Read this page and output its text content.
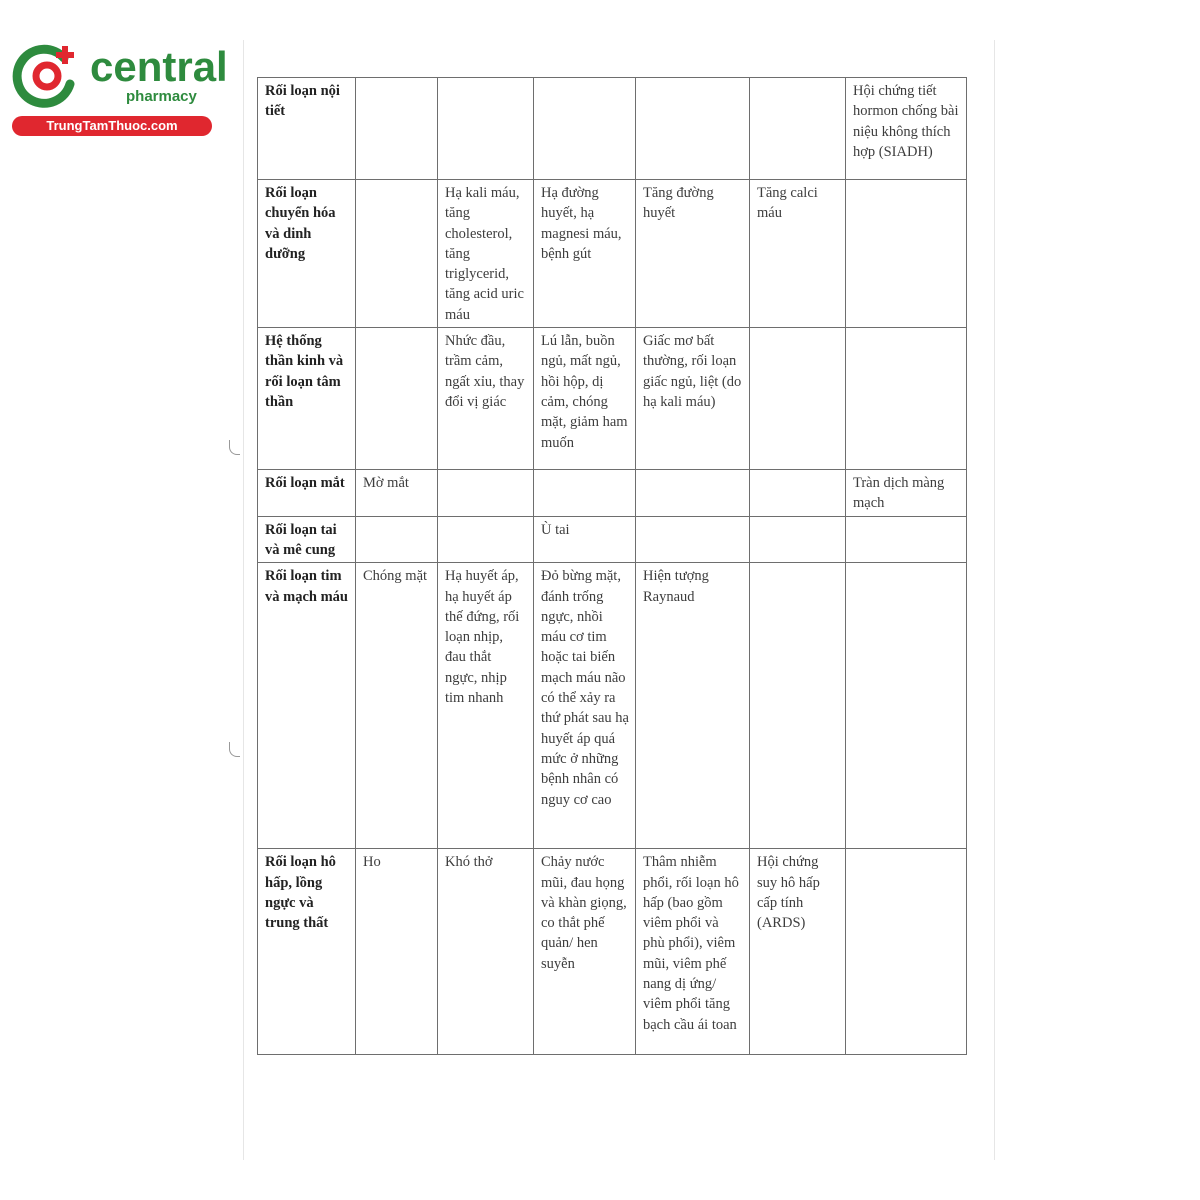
central
pharmacy
TrungTamThuoc.com
Rối loạn nội tiết						Hội chứng tiết hormon chống bài niệu không thích hợp (SIADH)
Rối loạn chuyển hóa và dinh dưỡng		Hạ kali máu, tăng cholesterol, tăng triglycerid, tăng acid uric máu	Hạ đường huyết, hạ magnesi máu, bệnh gút	Tăng đường huyết	Tăng calci máu	
Hệ thống thần kinh và rối loạn tâm thần		Nhức đầu, trầm cảm, ngất xỉu, thay đổi vị giác	Lú lẫn, buồn ngủ, mất ngủ, hồi hộp, dị cảm, chóng mặt, giảm ham muốn	Giấc mơ bất thường, rối loạn giấc ngủ, liệt (do hạ kali máu)		
Rối loạn mắt	Mờ mắt					Tràn dịch màng mạch
Rối loạn tai và mê cung			Ù tai			
Rối loạn tim và mạch máu	Chóng mặt	Hạ huyết áp, hạ huyết áp thế đứng, rối loạn nhịp, đau thắt ngực, nhịp tim nhanh	Đỏ bừng mặt, đánh trống ngực, nhồi máu cơ tim hoặc tai biến mạch máu não có thể xảy ra thứ phát sau hạ huyết áp quá mức ở những bệnh nhân có nguy cơ cao	Hiện tượng Raynaud		
Rối loạn hô hấp, lồng ngực và trung thất	Ho	Khó thở	Chảy nước mũi, đau họng và khàn giọng, co thắt phế quản/ hen suyễn	Thâm nhiễm phổi, rối loạn hô hấp (bao gồm viêm phổi và phù phổi), viêm mũi, viêm phế nang dị ứng/ viêm phổi tăng bạch cầu ái toan	Hội chứng suy hô hấp cấp tính (ARDS)	
